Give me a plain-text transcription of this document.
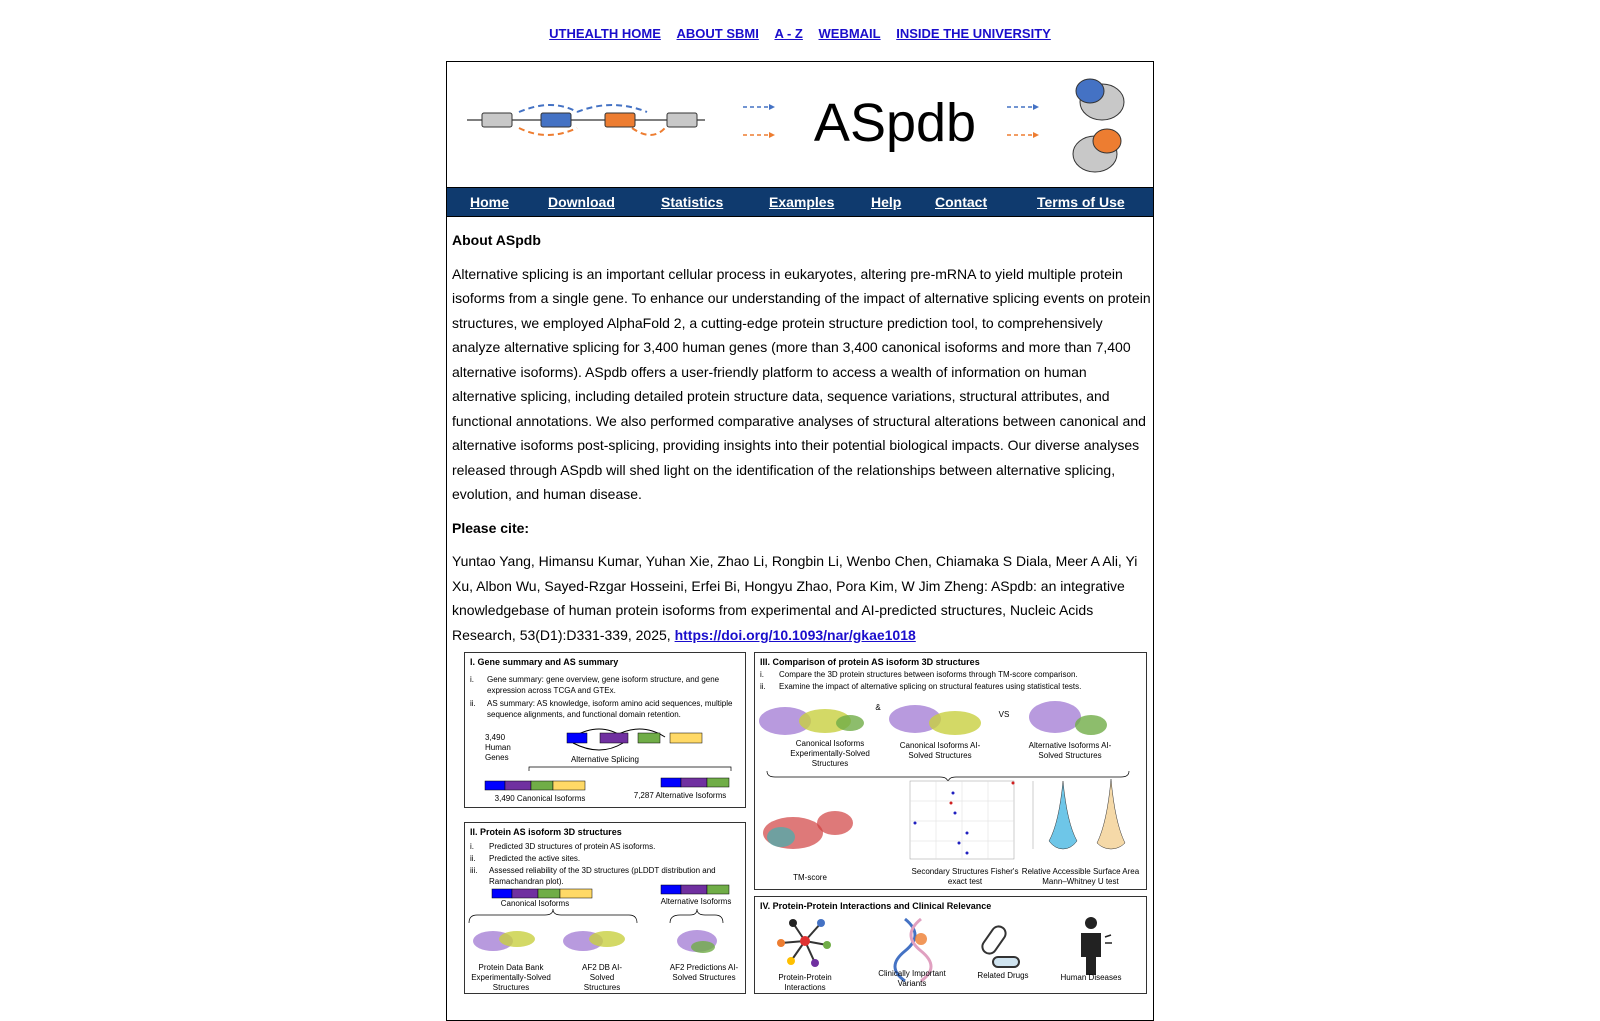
UTHEALTH HOME ABOUT SBMI A - Z WEBMAIL INSIDE THE UNIVERSITY
ASpdb
Home	Download	Statistics	Examples	Help Contact	Terms of Use
About ASpdb

Alternative splicing is an important cellular process in eukaryotes, altering pre-mRNA to yield multiple protein isoforms from a single gene. To enhance our understanding of the impact of alternative splicing events on protein structures, we employed AlphaFold 2, a cutting-edge protein structure prediction tool, to comprehensively analyze alternative splicing for 3,400 human genes (more than 3,400 canonical isoforms and more than 7,400 alternative isoforms). ASpdb offers a user-friendly platform to access a wealth of information on human alternative splicing, including detailed protein structure data, sequence variations, structural attributes, and functional annotations. We also performed comparative analyses of structural alterations between canonical and alternative isoforms post-splicing, providing insights into their potential biological impacts. Our diverse analyses released through ASpdb will shed light on the identification of the relationships between alternative splicing, evolution, and human disease.

Please cite:

Yuntao Yang, Himansu Kumar, Yuhan Xie, Zhao Li, Rongbin Li, Wenbo Chen, Chiamaka S Diala, Meer A Ali, Yi Xu, Albon Wu, Sayed-Rzgar Hosseini, Erfei Bi, Hongyu Zhao, Pora Kim, W Jim Zheng: ASpdb: an integrative knowledgebase of human protein isoforms from experimental and AI-predicted structures, Nucleic Acids Research, 53(D1):D331-339, 2025, https://doi.org/10.1093/nar/gkae1018

I. Gene summary and AS summary
i. Gene summary: gene overview, gene isoform structure, and gene expression across TCGA and GTEx.
ii. AS summary: AS knowledge, isoform amino acid sequences, multiple sequence alignments, and functional domain retention.
3,490 Human Genes	Alternative Splicing
3,490 Canonical Isoforms	7,287 Alternative Isoforms
II. Protein AS isoform 3D structures
i. Predicted 3D structures of protein AS isoforms.
ii. Predicted the active sites.
iii. Assessed reliability of the 3D structures (pLDDT distribution and Ramachandran plot).
Canonical Isoforms	Alternative Isoforms
Protein Data Bank Experimentally-Solved Structures
AF2 DB AI-Solved Structures
AF2 Predictions AI-Solved Structures
III. Comparison of protein AS isoform 3D structures
i. Compare the 3D protein structures between isoforms through TM-score comparison.
ii. Examine the impact of alternative splicing on structural features using statistical tests.
&
VS
Canonical Isoforms Experimentally-Solved Structures
Canonical Isoforms AI-Solved Structures
Alternative Isoforms AI-Solved Structures
TM-score
Secondary Structures Fisher's exact test
Relative Accessible Surface Area Mann–Whitney U test
IV. Protein-Protein Interactions and Clinical Relevance
Protein-Protein Interactions
Clinically Important Variants
Related Drugs	Human Diseases
